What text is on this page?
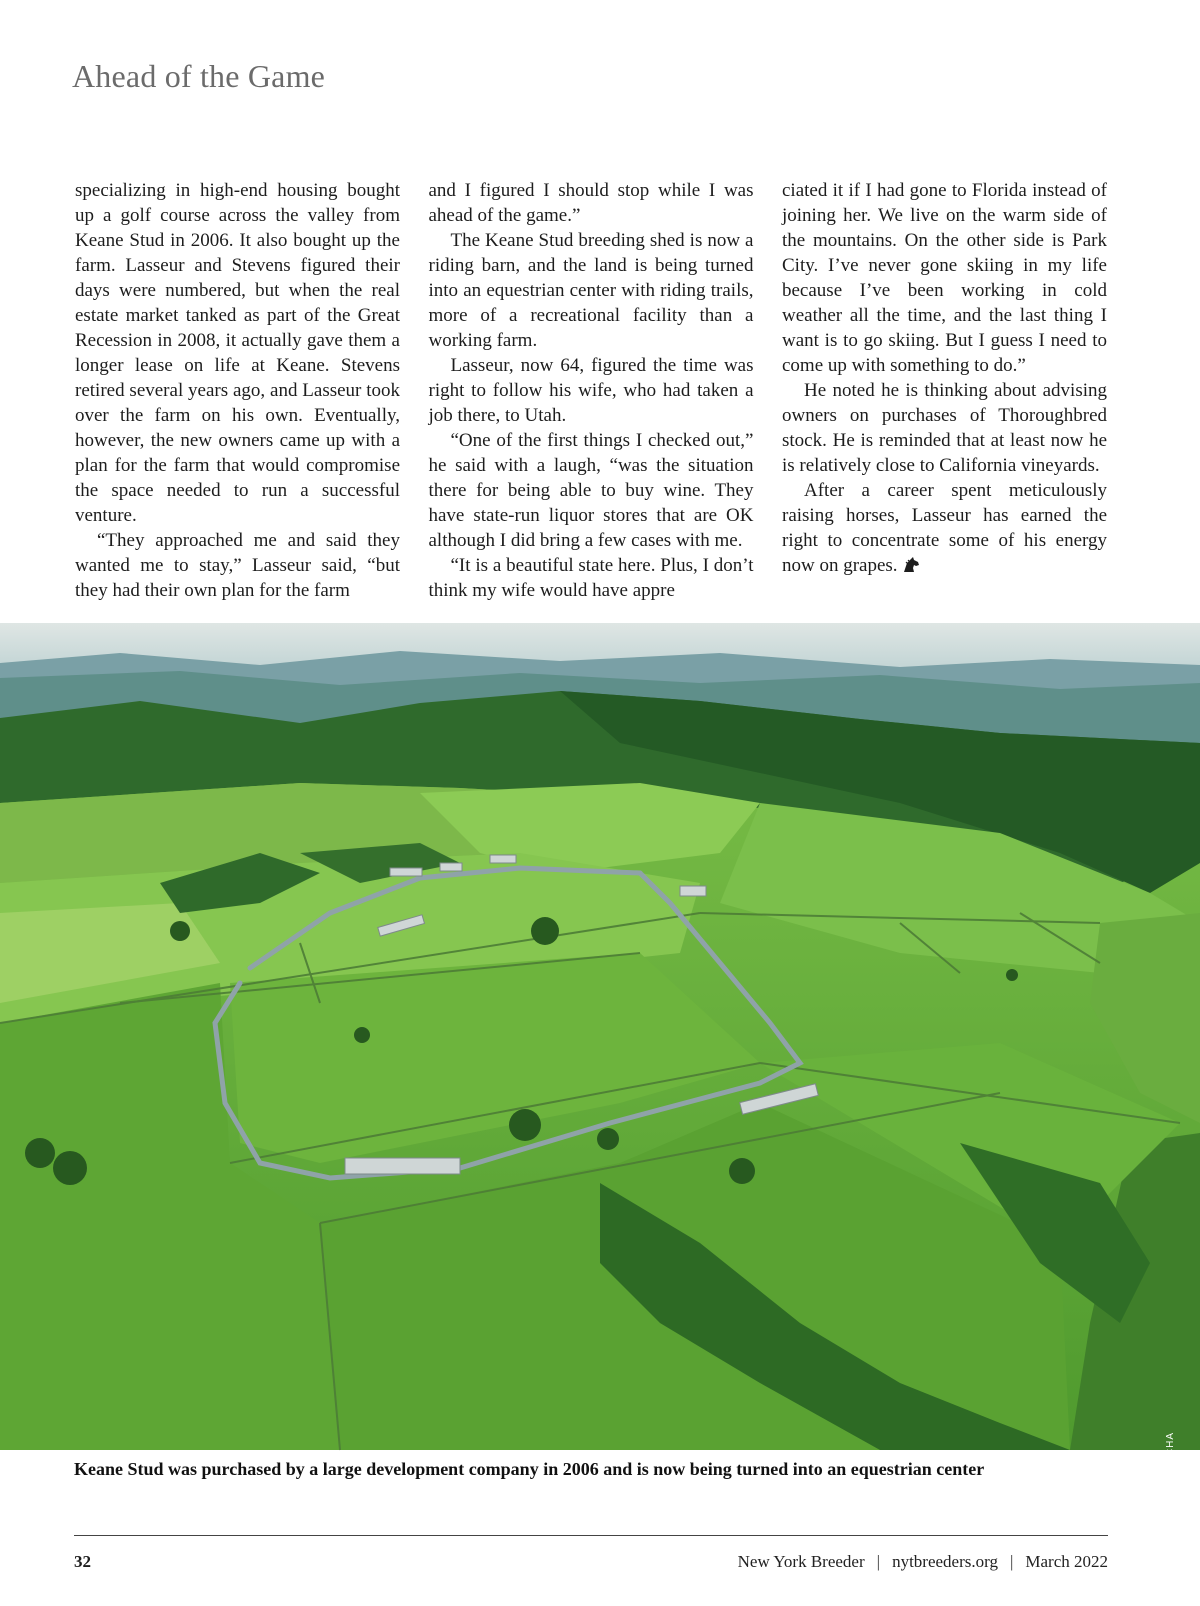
Ahead of the Game

specializing in high-end housing bought up a golf course across the valley from Keane Stud in 2006. It also bought up the farm. Lasseur and Stevens figured their days were numbered, but when the real estate market tanked as part of the Great Recession in 2008, it actually gave them a longer lease on life at Keane. Stevens retired several years ago, and Lasseur took over the farm on his own. Eventually, however, the new owners came up with a plan for the farm that would compromise the space needed to run a successful venture.

“They approached me and said they wanted me to stay,” Lasseur said, “but they had their own plan for the farm

and I figured I should stop while I was ahead of the game.”

The Keane Stud breeding shed is now a riding barn, and the land is being turned into an equestrian center with riding trails, more of a recreational facility than a working farm.

Lasseur, now 64, figured the time was right to follow his wife, who had taken a job there, to Utah.

“One of the first things I checked out,” he said with a laugh, “was the situation there for being able to buy wine. They have state-run liquor stores that are OK although I did bring a few cases with me.

“It is a beautiful state here. Plus, I don’t think my wife would have appre

ciated it if I had gone to Florida instead of joining her. We live on the warm side of the mountains. On the other side is Park City. I’ve never gone skiing in my life because I’ve been working in cold weather all the time, and the last thing I want is to go skiing. But I guess I need to come up with something to do.”

He noted he is thinking about advising owners on purchases of Thoroughbred stock. He is reminded that at least now he is relatively close to California vineyards.

After a career spent meticulously raising horses, Lasseur has earned the right to concentrate some of his energy now on grapes.

P. WALOCHA

Keane Stud was purchased by a large development company in 2006 and is now being turned into an equestrian center

32	New York Breeder | nytbreeders.org | March 2022
